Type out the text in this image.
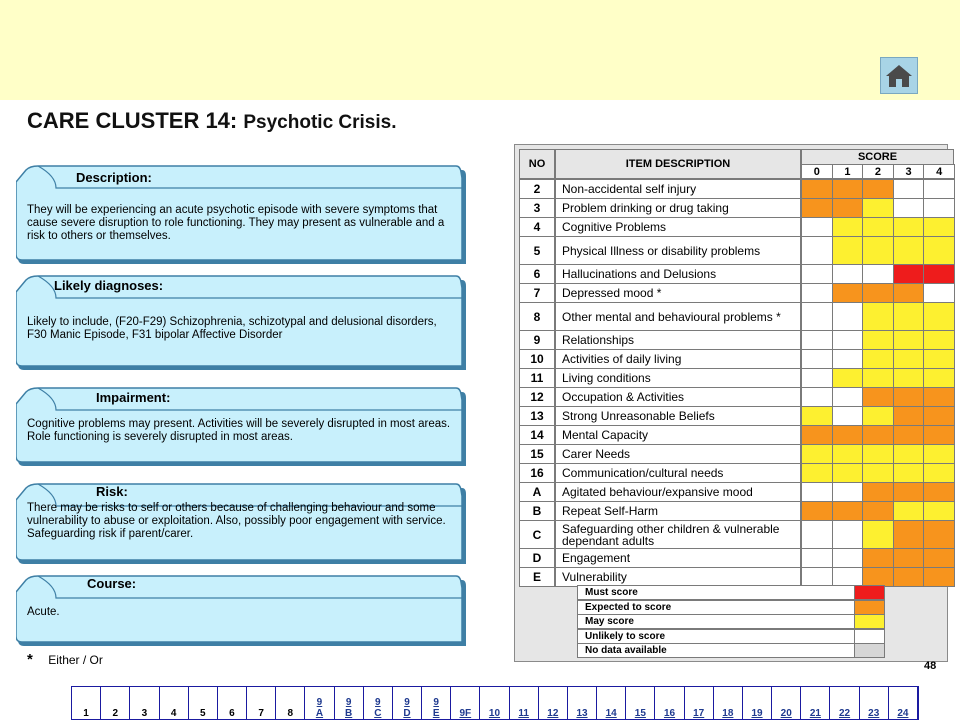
CARE CLUSTER 14: Psychotic Crisis.
Description:
They will be experiencing an acute psychotic episode with severe symptoms that cause severe disruption to role functioning. They may present as vulnerable and a risk to others or themselves.
Likely diagnoses:
Likely to include, (F20-F29) Schizophrenia, schizotypal and delusional disorders, F30 Manic Episode, F31 bipolar Affective Disorder
Impairment:
Cognitive problems may present. Activities will be severely disrupted in most areas. Role functioning is severely disrupted in most areas.
Risk:
There may be risks to self or others because of challenging behaviour and some vulnerability to abuse or exploitation. Also, possibly poor engagement with service. Safeguarding risk if parent/carer.
Course:
Acute.
* Either / Or
NO	ITEM DESCRIPTION
SCORE
0	1	2	3	4
2	Non-accidental self injury
3	Problem drinking or drug taking
4	Cognitive Problems
5	Physical Illness or disability problems
6	Hallucinations and Delusions
7	Depressed mood *
8	Other mental and behavioural problems *
9	Relationships
10	Activities of daily living
11	Living conditions
12	Occupation & Activities
13	Strong Unreasonable Beliefs
14	Mental Capacity
15	Carer Needs
16	Communication/cultural needs
A	Agitated behaviour/expansive mood
B	Repeat Self-Harm
C	Safeguarding other children & vulnerable dependant adults
D	Engagement
E	Vulnerability
Must score
Expected to score
May score
Unlikely to score
No data available
48
1	2	3	4	5	6	7	8
9A
9B
9C
9D
9E	9F	10	11	12	13	14	15	16	17	18	19	20	21	22	23	24
